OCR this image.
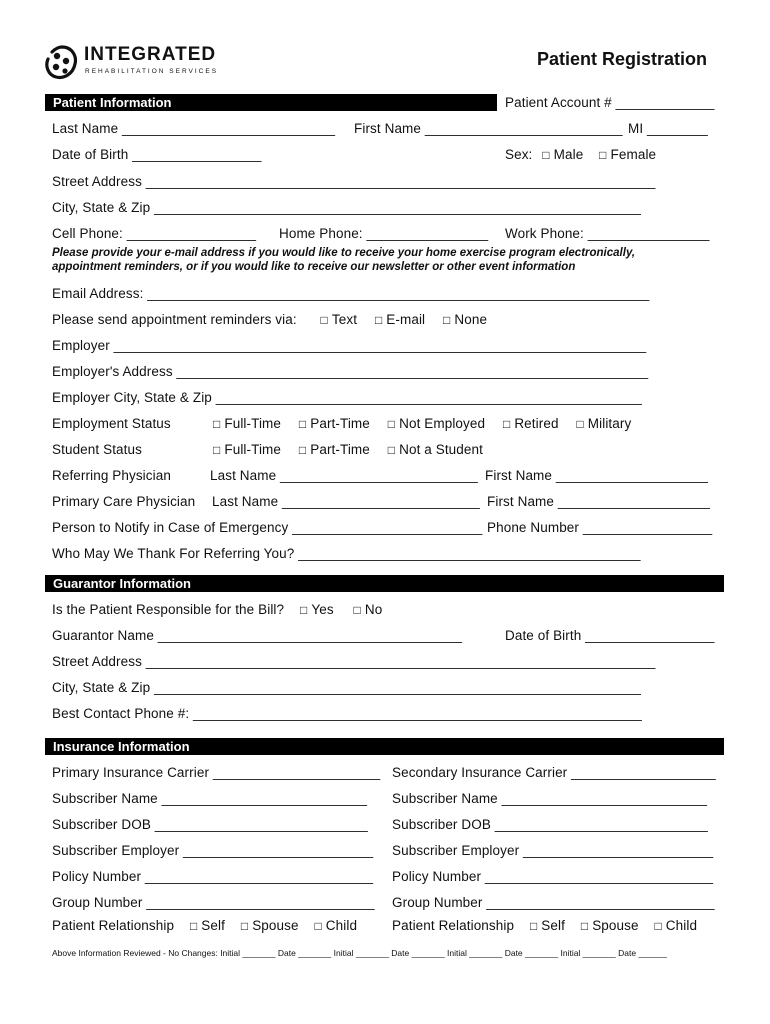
INTEGRATED
REHABILITATION SERVICES
Patient Registration
Patient Information	Patient Account # _____________
Last Name ____________________________ First Name __________________________ MI ________
Date of Birth _________________	Sex: □ Male □ Female
Street Address ___________________________________________________________________
City, State & Zip ________________________________________________________________
Cell Phone: _________________ Home Phone: ________________ Work Phone: ________________
Please provide your e-mail address if you would like to receive your home exercise program electronically,
appointment reminders, or if you would like to receive our newsletter or other event information
Email Address: __________________________________________________________________
Please send appointment reminders via: □ Text □ E-mail □ None
Employer ______________________________________________________________________
Employer's Address ______________________________________________________________
Employer City, State & Zip ________________________________________________________
Employment Status	□ Full-Time □ Part-Time □ Not Employed □ Retired □ Military
Student Status	□ Full-Time □ Part-Time □ Not a Student
Referring Physician	Last Name __________________________ First Name ____________________
Primary Care Physician Last Name __________________________ First Name ____________________
Person to Notify in Case of Emergency _________________________ Phone Number _________________
Who May We Thank For Referring You? _____________________________________________
Guarantor Information
Is the Patient Responsible for the Bill? □ Yes □ No
Guarantor Name ________________________________________	Date of Birth _________________
Street Address ___________________________________________________________________
City, State & Zip ________________________________________________________________
Best Contact Phone #: ___________________________________________________________
Insurance Information
Primary Insurance Carrier ______________________ Secondary Insurance Carrier ___________________
Subscriber Name ___________________________ Subscriber Name ___________________________
Subscriber DOB ____________________________ Subscriber DOB ____________________________
Subscriber Employer _________________________ Subscriber Employer _________________________
Policy Number ______________________________ Policy Number ______________________________
Group Number ______________________________ Group Number ______________________________
Patient Relationship □ Self □ Spouse □ Child	Patient Relationship □ Self □ Spouse □ Child
Above Information Reviewed - No Changes: Initial _______ Date _______ Initial _______ Date _______ Initial _______ Date _______ Initial _______ Date ______
